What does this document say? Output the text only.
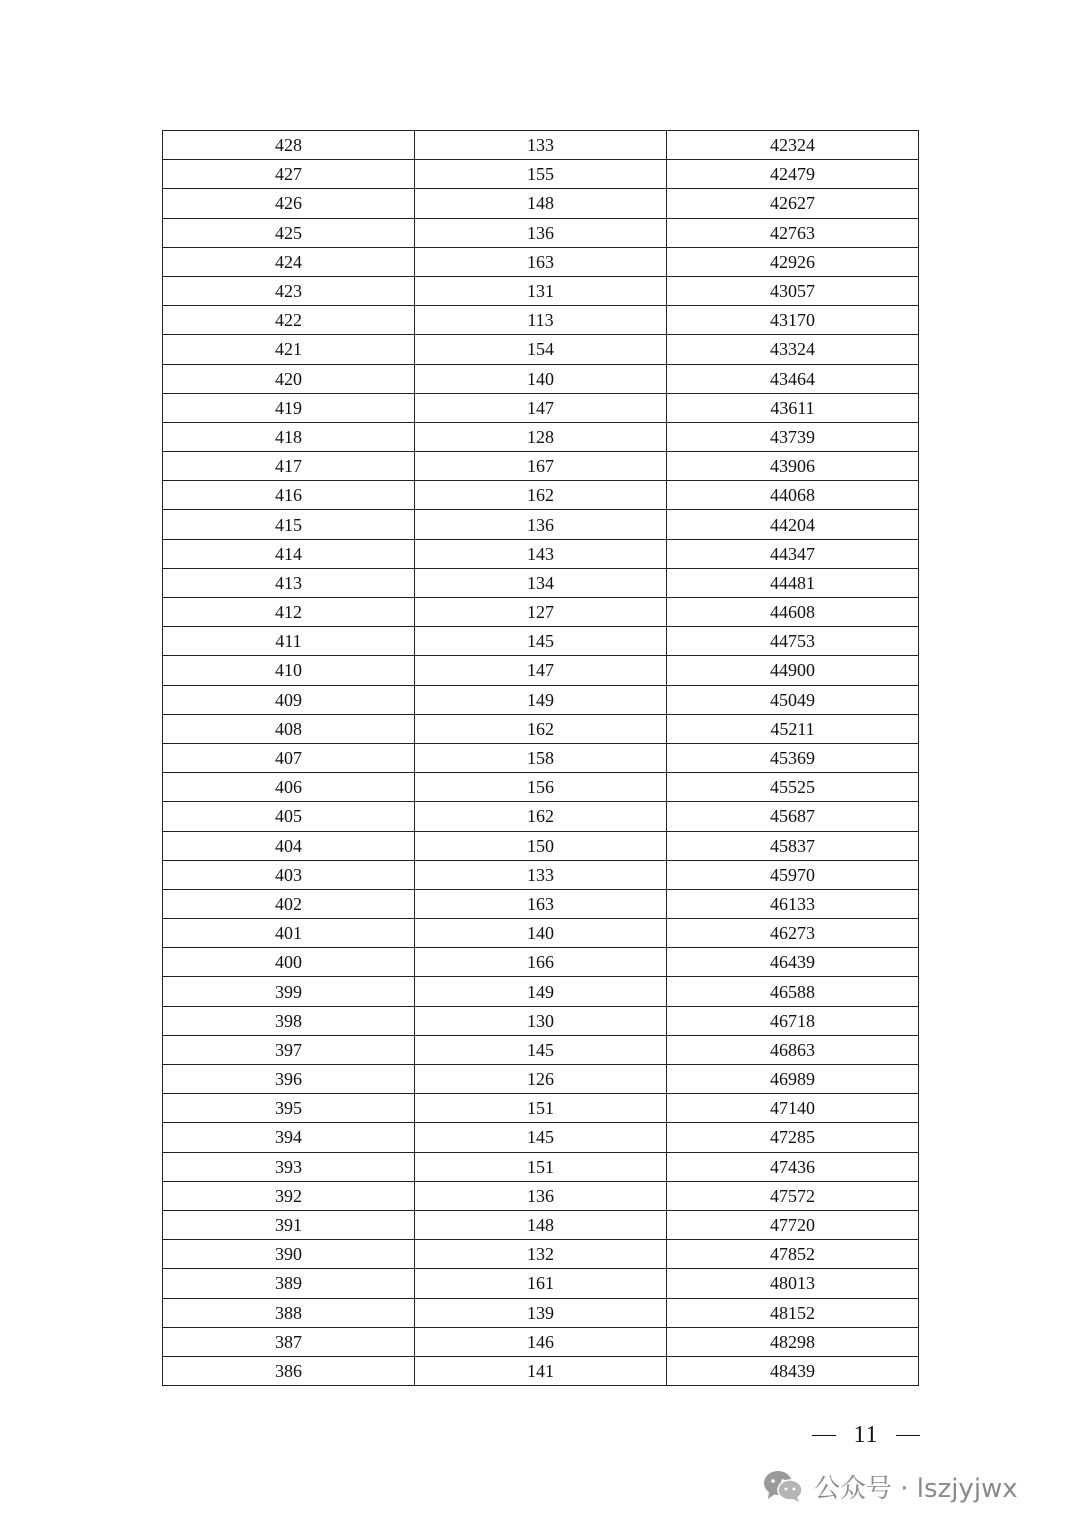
428	133	42324
427	155	42479
426	148	42627
425	136	42763
424	163	42926
423	131	43057
422	113	43170
421	154	43324
420	140	43464
419	147	43611
418	128	43739
417	167	43906
416	162	44068
415	136	44204
414	143	44347
413	134	44481
412	127	44608
411	145	44753
410	147	44900
409	149	45049
408	162	45211
407	158	45369
406	156	45525
405	162	45687
404	150	45837
403	133	45970
402	163	46133
401	140	46273
400	166	46439
399	149	46588
398	130	46718
397	145	46863
396	126	46989
395	151	47140
394	145	47285
393	151	47436
392	136	47572
391	148	47720
390	132	47852
389	161	48013
388	139	48152
387	146	48298
386	141	48439
11
公众号 · lszjyjwx
